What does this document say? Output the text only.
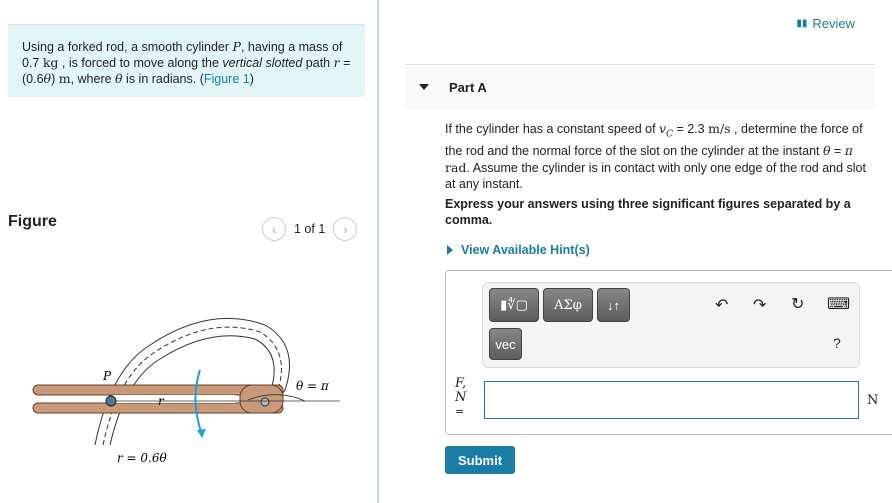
Using a forked rod, a smooth cylinder P, having a mass of 0.7 kg , is forced to move along the vertical slotted path r = (0.6θ) m, where θ is in radians. (Figure 1)
Figure	‹	1 of 1	›
P
r
θ = π
r = 0.6θ
▮▮ Review
Part A
If the cylinder has a constant speed of $v_C = 2.3$ m/s , determine the force of the rod and the normal force of the slot on the cylinder at the instant θ = π rad. Assume the cylinder is in contact with only one edge of the rod and slot at any instant.
Express your answers using three significant figures separated by a comma.
View Available Hint(s)
▮∜▢	ΑΣφ	↓↑
vec
↶ ↷ ↻ ⌨
?
F,
N
=
N
Submit
